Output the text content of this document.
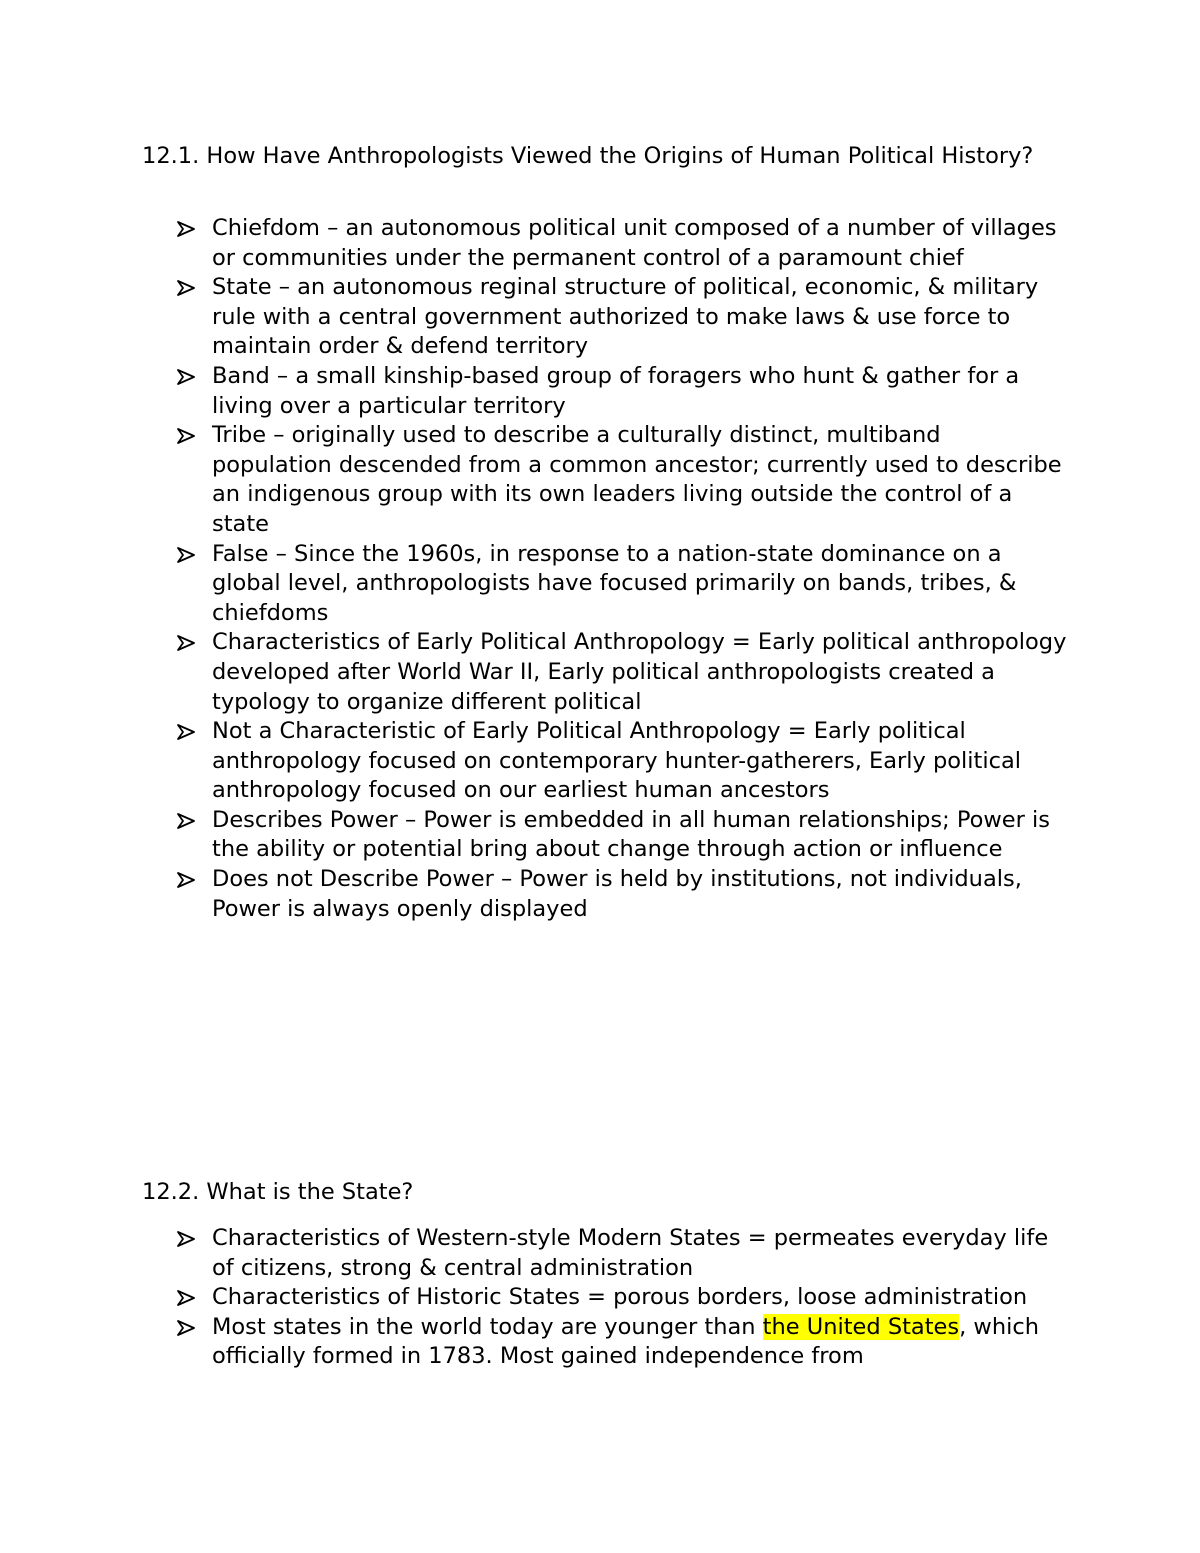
12.1. How Have Anthropologists Viewed the Origins of Human Political History?

Chiefdom – an autonomous political unit composed of a number of villages or communities under the permanent control of a paramount chief
State – an autonomous reginal structure of political, economic, & military rule with a central government authorized to make laws & use force to maintain order & defend territory
Band – a small kinship-based group of foragers who hunt & gather for a living over a particular territory
Tribe – originally used to describe a culturally distinct, multiband population descended from a common ancestor; currently used to describe an indigenous group with its own leaders living outside the control of a state
False – Since the 1960s, in response to a nation-state dominance on a global level, anthropologists have focused primarily on bands, tribes, & chiefdoms
Characteristics of Early Political Anthropology = Early political anthropology developed after World War II, Early political anthropologists created a typology to organize different political
Not a Characteristic of Early Political Anthropology = Early political anthropology focused on contemporary hunter-gatherers, Early political anthropology focused on our earliest human ancestors
Describes Power – Power is embedded in all human relationships; Power is the ability or potential bring about change through action or influence
Does not Describe Power – Power is held by institutions, not individuals, Power is always openly displayed

12.2. What is the State?

Characteristics of Western-style Modern States = permeates everyday life of citizens, strong & central administration
Characteristics of Historic States = porous borders, loose administration
Most states in the world today are younger than the United States, which officially formed in 1783. Most gained independence from
